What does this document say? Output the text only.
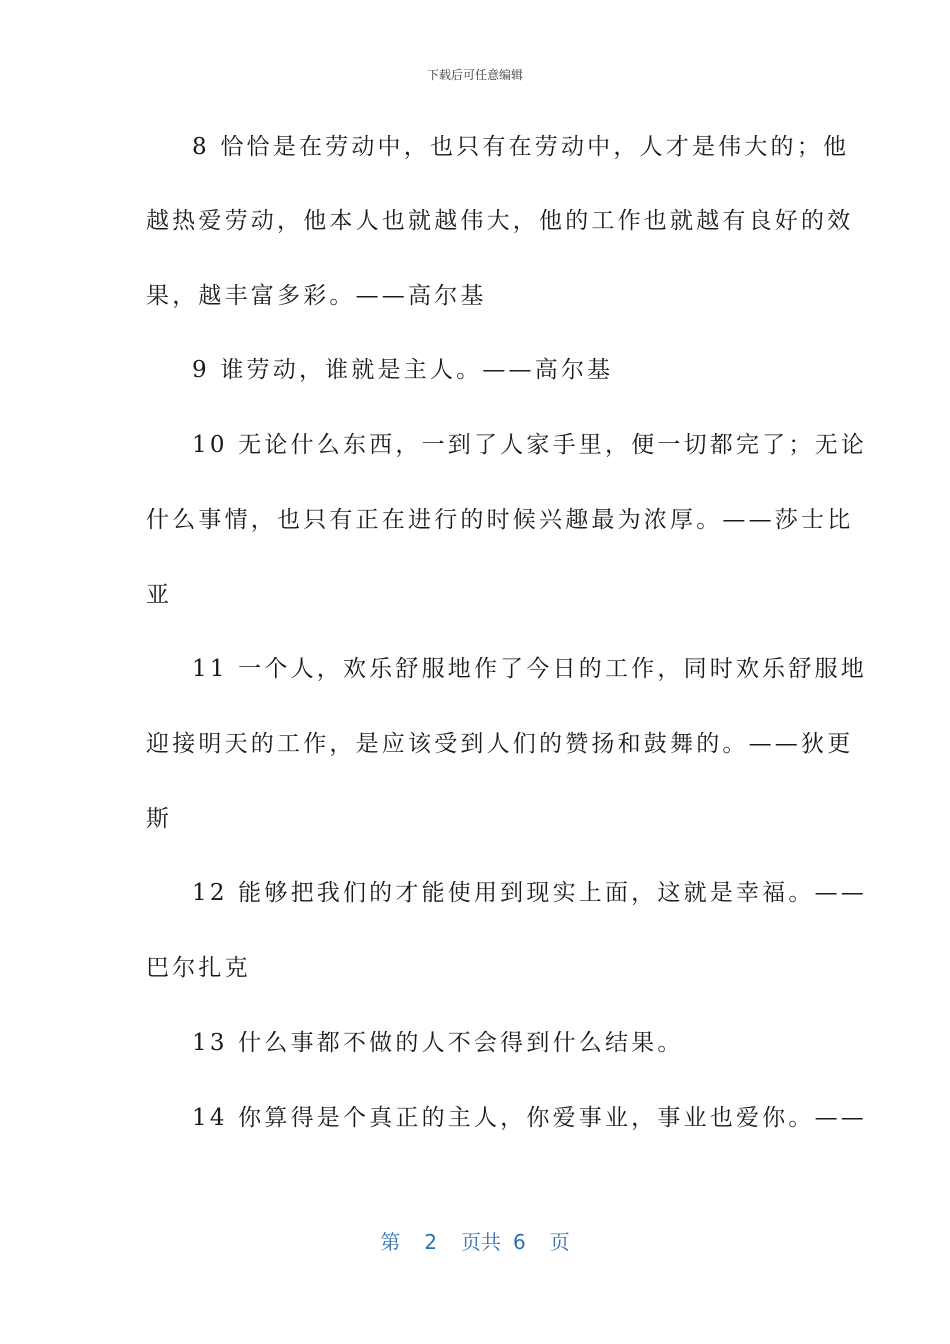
下载后可任意编辑
8 恰恰是在劳动中，也只有在劳动中，人才是伟大的；他
越热爱劳动，他本人也就越伟大，他的工作也就越有良好的效
果，越丰富多彩。——高尔基
9 谁劳动，谁就是主人。——高尔基
10 无论什么东西，一到了人家手里，便一切都完了；无论
什么事情，也只有正在进行的时候兴趣最为浓厚。——莎士比
亚
11 一个人，欢乐舒服地作了今日的工作，同时欢乐舒服地
迎接明天的工作，是应该受到人们的赞扬和鼓舞的。——狄更
斯
12 能够把我们的才能使用到现实上面，这就是幸福。——
巴尔扎克
13 什么事都不做的人不会得到什么结果。
14 你算得是个真正的主人，你爱事业，事业也爱你。——
第 2 页共 6 页
